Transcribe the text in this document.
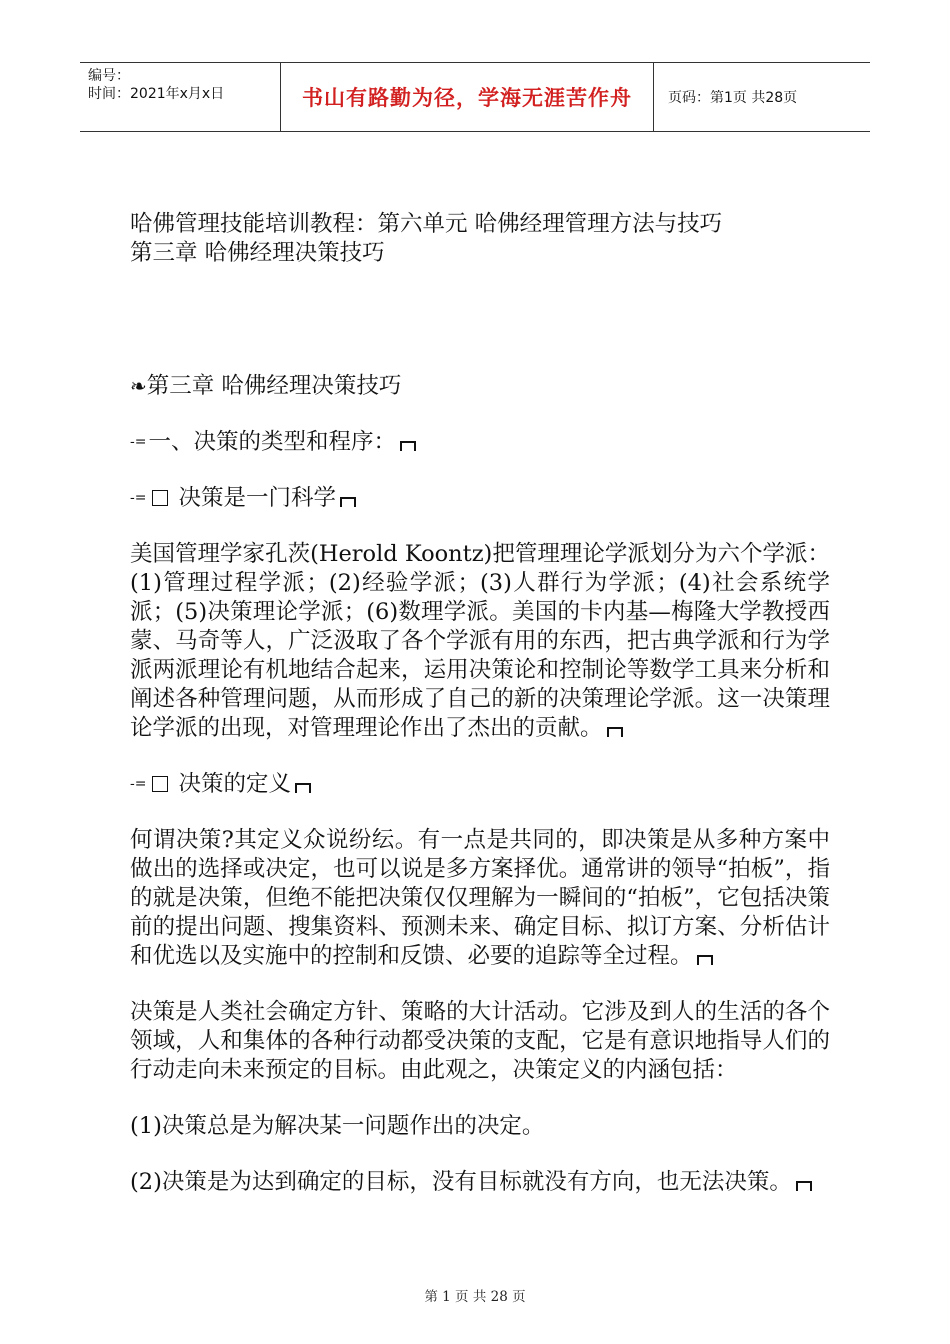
编号：
时间：2021年x月x日	书山有路勤为径，学海无涯苦作舟	页码：第1页 共28页

哈佛管理技能培训教程：第六单元 哈佛经理管理方法与技巧

第三章 哈佛经理决策技巧

❧第三章 哈佛经理决策技巧

-=一、决策的类型和程序：

-= 决策是一门科学

美国管理学家孔茨(Herold Koontz)把管理理论学派划分为六个学派：(1)管理过程学派；(2)经验学派；(3)人群行为学派；(4)社会系统学派；(5)决策理论学派；(6)数理学派。美国的卡内基—梅隆大学教授西蒙、马奇等人，广泛汲取了各个学派有用的东西，把古典学派和行为学派两派理论有机地结合起来，运用决策论和控制论等数学工具来分析和阐述各种管理问题，从而形成了自己的新的决策理论学派。这一决策理论学派的出现，对管理理论作出了杰出的贡献。

-= 决策的定义

何谓决策?其定义众说纷纭。有一点是共同的，即决策是从多种方案中做出的选择或决定，也可以说是多方案择优。通常讲的领导“拍板”，指的就是决策，但绝不能把决策仅仅理解为一瞬间的“拍板”，它包括决策前的提出问题、搜集资料、预测未来、确定目标、拟订方案、分析估计和优选以及实施中的控制和反馈、必要的追踪等全过程。

决策是人类社会确定方针、策略的大计活动。它涉及到人的生活的各个领域，人和集体的各种行动都受决策的支配，它是有意识地指导人们的行动走向未来预定的目标。由此观之，决策定义的内涵包括：

(1)决策总是为解决某一问题作出的决定。

(2)决策是为达到确定的目标，没有目标就没有方向，也无法决策。

第 1 页 共 28 页
